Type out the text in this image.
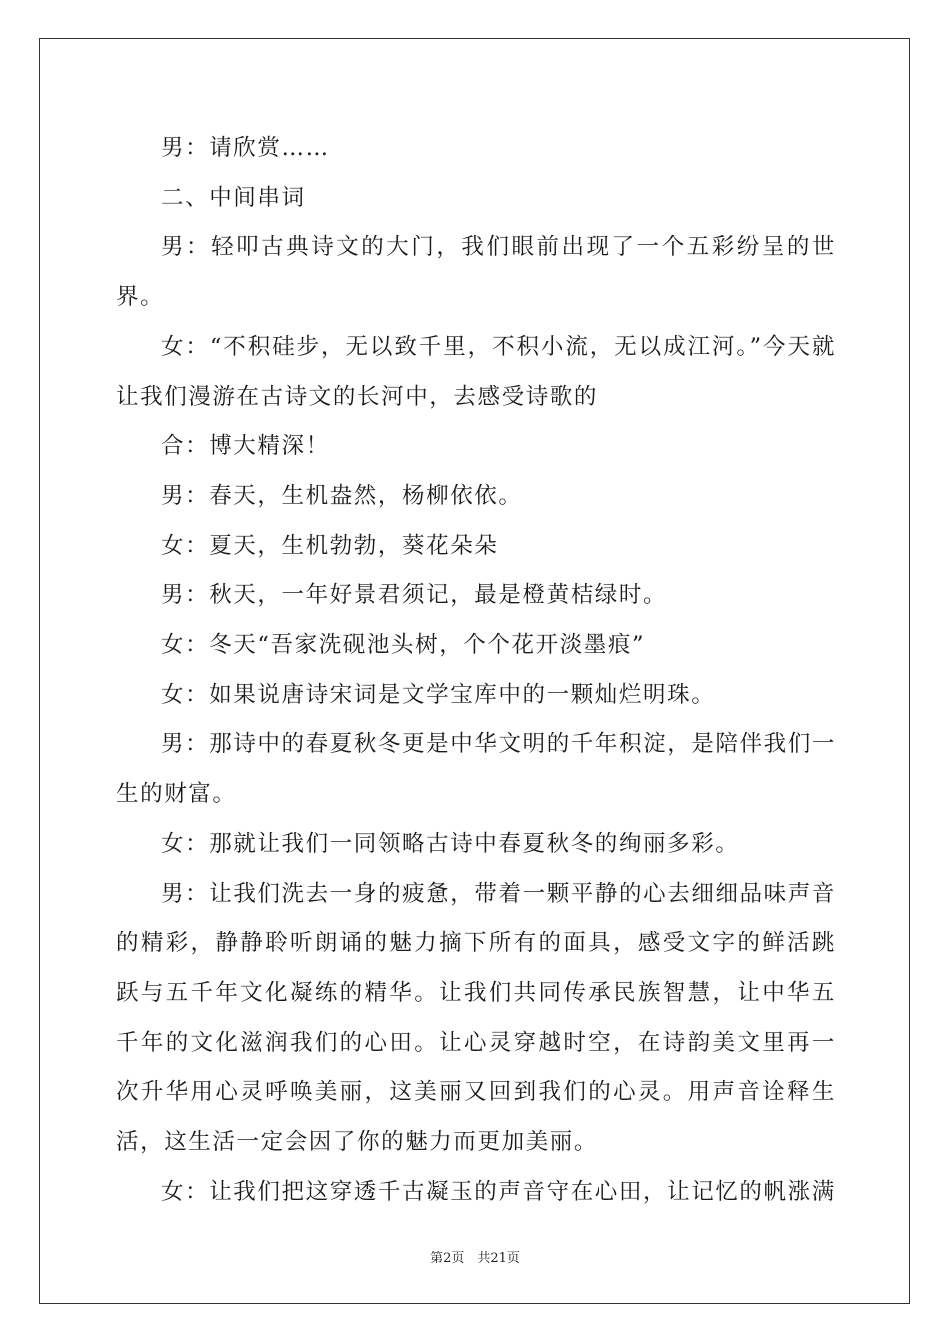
男：请欣赏……

二、中间串词

男：轻叩古典诗文的大门，我们眼前出现了一个五彩纷呈的世界。

女：“不积硅步，无以致千里，不积小流，无以成江河。”今天就让我们漫游在古诗文的长河中，去感受诗歌的

合：博大精深！

男：春天，生机盎然，杨柳依依。

女：夏天，生机勃勃，葵花朵朵

男：秋天，一年好景君须记，最是橙黄桔绿时。

女：冬天“吾家洗砚池头树，个个花开淡墨痕”

女：如果说唐诗宋词是文学宝库中的一颗灿烂明珠。

男：那诗中的春夏秋冬更是中华文明的千年积淀，是陪伴我们一生的财富。

女：那就让我们一同领略古诗中春夏秋冬的绚丽多彩。

男：让我们洗去一身的疲惫，带着一颗平静的心去细细品味声音的精彩，静静聆听朗诵的魅力摘下所有的面具，感受文字的鲜活跳跃与五千年文化凝练的精华。让我们共同传承民族智慧，让中华五千年的文化滋润我们的心田。让心灵穿越时空，在诗韵美文里再一次升华用心灵呼唤美丽，这美丽又回到我们的心灵。用声音诠释生活，这生活一定会因了你的魅力而更加美丽。

女：让我们把这穿透千古凝玉的声音守在心田，让记忆的帆涨满

第2页　共21页
